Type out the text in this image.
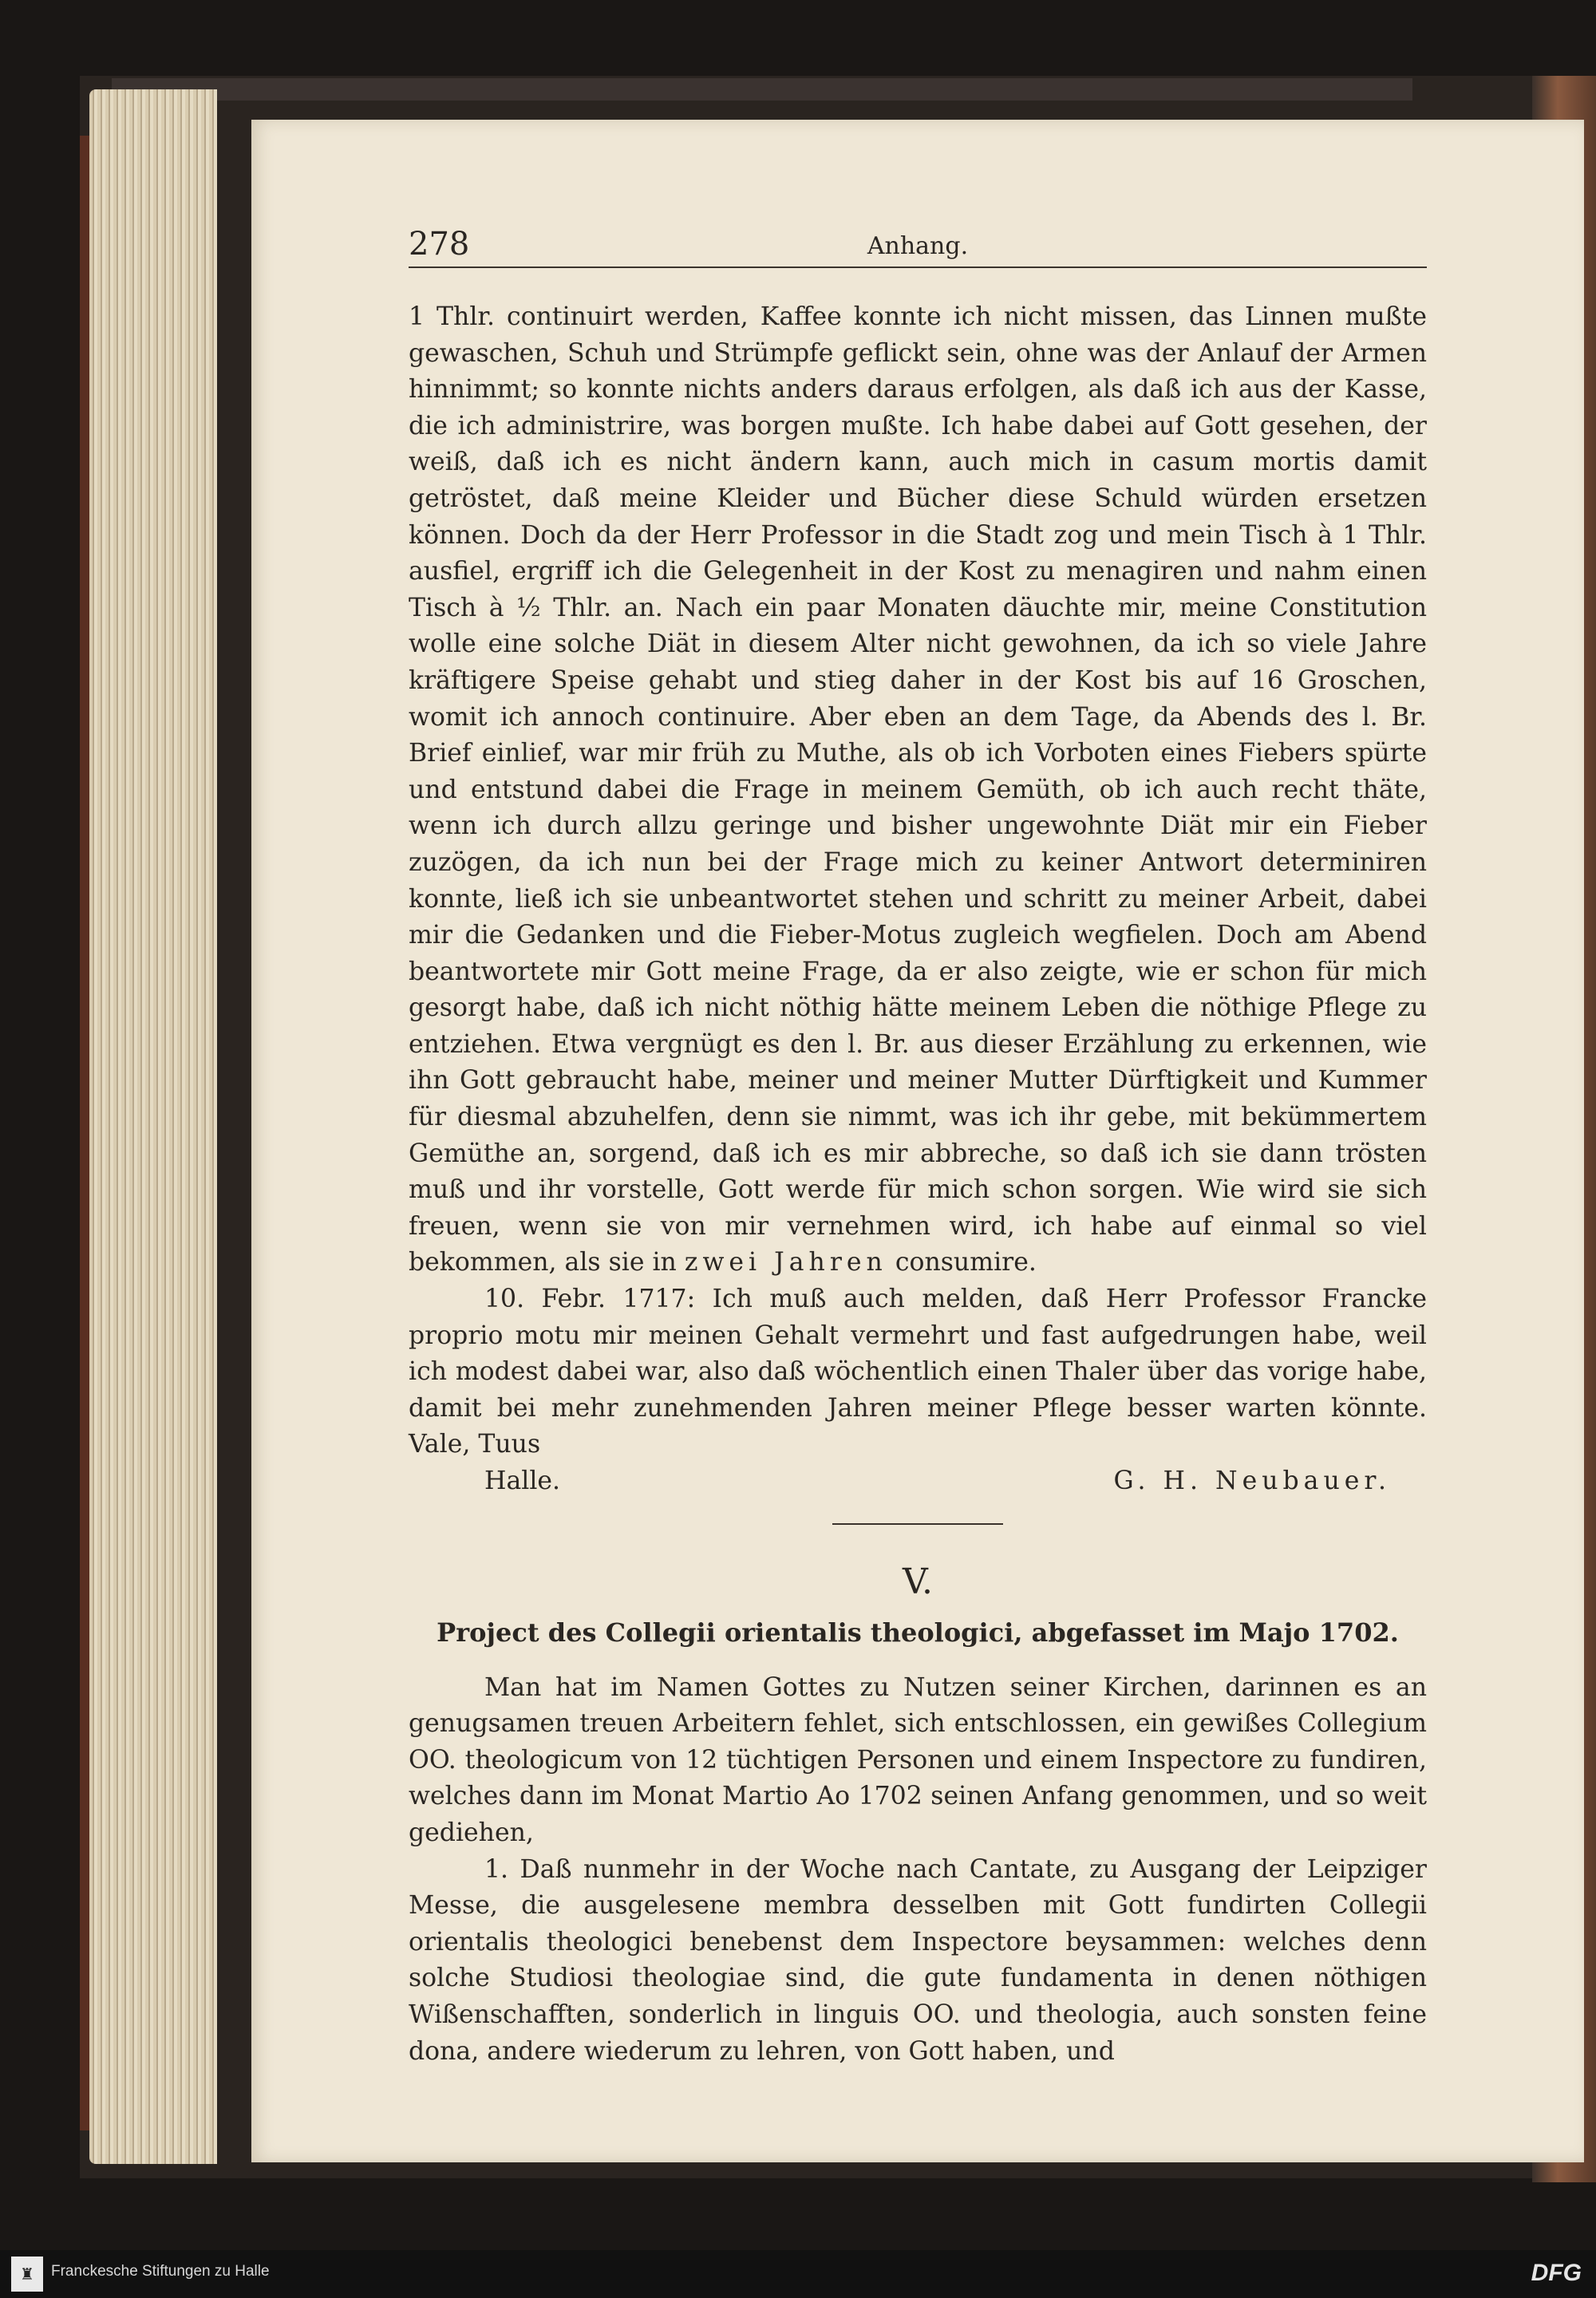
278	Anhang.

1 Thlr. continuirt werden, Kaffee konnte ich nicht missen, das Linnen mußte gewaschen, Schuh und Strümpfe geflickt sein, ohne was der Anlauf der Armen hinnimmt; so konnte nichts anders daraus erfolgen, als daß ich aus der Kasse, die ich administrire, was borgen mußte. Ich habe dabei auf Gott gesehen, der weiß, daß ich es nicht ändern kann, auch mich in casum mortis damit getröstet, daß meine Kleider und Bücher diese Schuld würden ersetzen können. Doch da der Herr Professor in die Stadt zog und mein Tisch à 1 Thlr. ausfiel, ergriff ich die Gelegenheit in der Kost zu menagiren und nahm einen Tisch à ½ Thlr. an. Nach ein paar Monaten däuchte mir, meine Constitution wolle eine solche Diät in diesem Alter nicht gewohnen, da ich so viele Jahre kräftigere Speise gehabt und stieg daher in der Kost bis auf 16 Groschen, womit ich annoch continuire. Aber eben an dem Tage, da Abends des l. Br. Brief einlief, war mir früh zu Muthe, als ob ich Vorboten eines Fiebers spürte und entstund dabei die Frage in meinem Gemüth, ob ich auch recht thäte, wenn ich durch allzu geringe und bisher ungewohnte Diät mir ein Fieber zuzögen, da ich nun bei der Frage mich zu keiner Antwort determiniren konnte, ließ ich sie unbeantwortet stehen und schritt zu meiner Arbeit, dabei mir die Gedanken und die Fieber-Motus zugleich wegfielen. Doch am Abend beantwortete mir Gott meine Frage, da er also zeigte, wie er schon für mich gesorgt habe, daß ich nicht nöthig hätte meinem Leben die nöthige Pflege zu entziehen. Etwa vergnügt es den l. Br. aus dieser Erzählung zu erkennen, wie ihn Gott gebraucht habe, meiner und meiner Mutter Dürftigkeit und Kummer für diesmal abzuhelfen, denn sie nimmt, was ich ihr gebe, mit bekümmertem Gemüthe an, sorgend, daß ich es mir abbreche, so daß ich sie dann trösten muß und ihr vorstelle, Gott werde für mich schon sorgen. Wie wird sie sich freuen, wenn sie von mir vernehmen wird, ich habe auf einmal so viel bekommen, als sie in zwei Jahren consumire.

10. Febr. 1717: Ich muß auch melden, daß Herr Professor Francke proprio motu mir meinen Gehalt vermehrt und fast aufgedrungen habe, weil ich modest dabei war, also daß wöchentlich einen Thaler über das vorige habe, damit bei mehr zunehmenden Jahren meiner Pflege besser warten könnte. Vale, Tuus

Halle.	G. H. Neubauer.

V.

Project des Collegii orientalis theologici, abgefasset im Majo 1702.

Man hat im Namen Gottes zu Nutzen seiner Kirchen, darinnen es an genugsamen treuen Arbeitern fehlet, sich entschlossen, ein gewißes Collegium OO. theologicum von 12 tüchtigen Personen und einem Inspectore zu fundiren, welches dann im Monat Martio Ao 1702 seinen Anfang genommen, und so weit gediehen,

1. Daß nunmehr in der Woche nach Cantate, zu Ausgang der Leipziger Messe, die ausgelesene membra desselben mit Gott fundirten Collegii orientalis theologici benebenst dem Inspectore beysammen: welches denn solche Studiosi theologiae sind, die gute fundamenta in denen nöthigen Wißenschafften, sonderlich in linguis OO. und theologia, auch sonsten feine dona, andere wiederum zu lehren, von Gott haben, und

♜	Franckesche Stiftungen zu Halle	DFG
